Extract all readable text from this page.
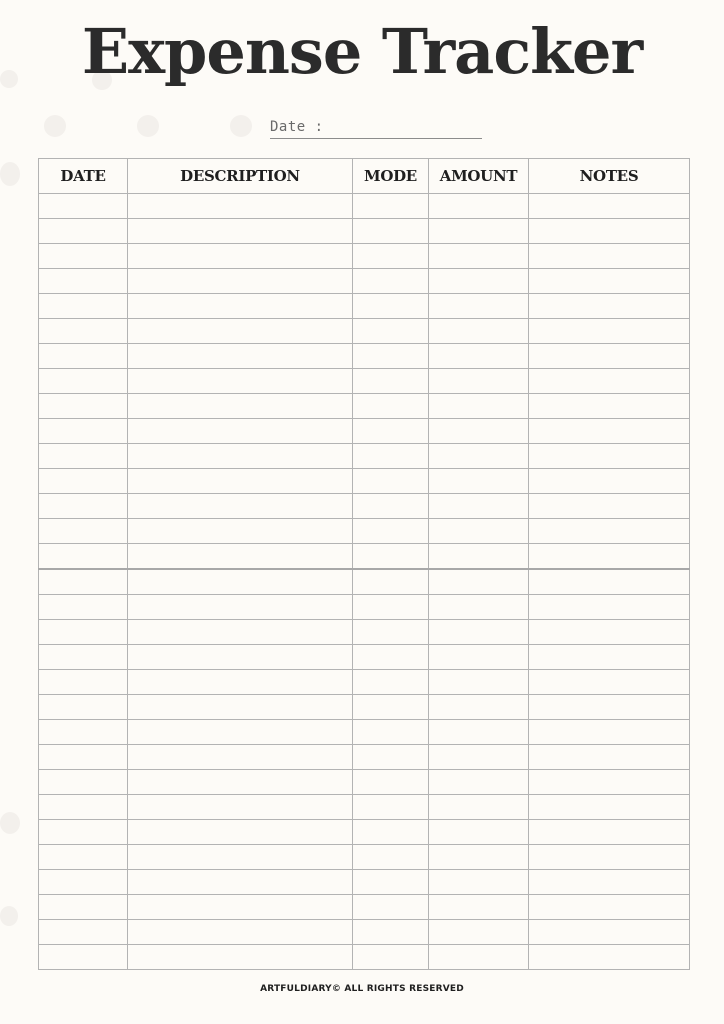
Expense Tracker
Date :
DATE	DESCRIPTION	MODE	AMOUNT	NOTES

ARTFULDIARY© ALL RIGHTS RESERVED
